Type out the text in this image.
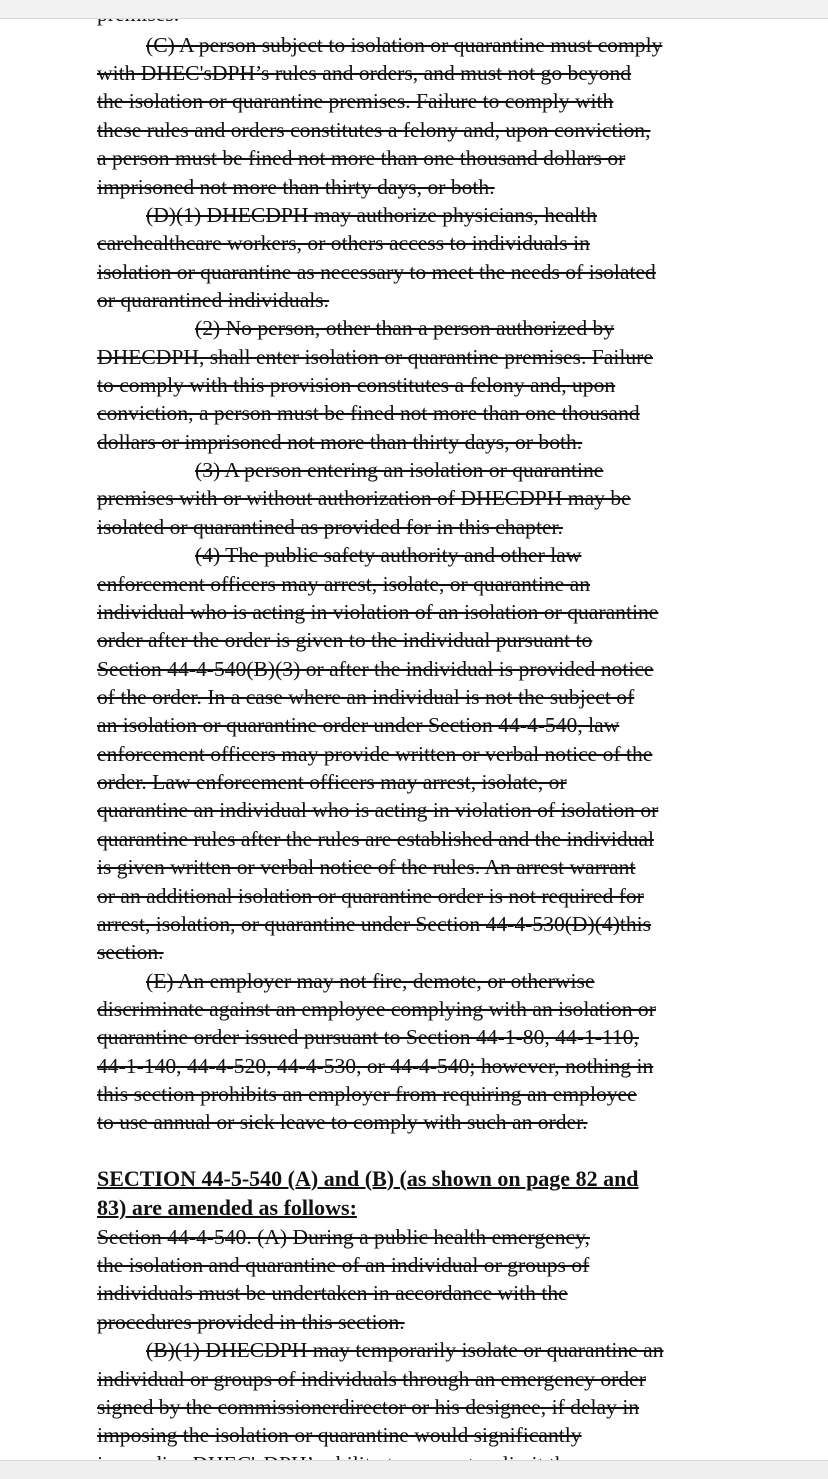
(C) A person subject to isolation or quarantine must comply
with DHEC'sDPH’s rules and orders, and must not go beyond
the isolation or quarantine premises. Failure to comply with
these rules and orders constitutes a felony and, upon conviction,
a person must be fined not more than one thousand dollars or
imprisoned not more than thirty days, or both.
(D)(1) DHECDPH may authorize physicians, health
carehealthcare workers, or others access to individuals in
isolation or quarantine as necessary to meet the needs of isolated
or quarantined individuals.
(2) No person, other than a person authorized by
DHECDPH, shall enter isolation or quarantine premises. Failure
to comply with this provision constitutes a felony and, upon
conviction, a person must be fined not more than one thousand
dollars or imprisoned not more than thirty days, or both.
(3) A person entering an isolation or quarantine
premises with or without authorization of DHECDPH may be
isolated or quarantined as provided for in this chapter.
(4) The public safety authority and other law
enforcement officers may arrest, isolate, or quarantine an
individual who is acting in violation of an isolation or quarantine
order after the order is given to the individual pursuant to
Section 44-4-540(B)(3) or after the individual is provided notice
of the order. In a case where an individual is not the subject of
an isolation or quarantine order under Section 44-4-540, law
enforcement officers may provide written or verbal notice of the
order. Law enforcement officers may arrest, isolate, or
quarantine an individual who is acting in violation of isolation or
quarantine rules after the rules are established and the individual
is given written or verbal notice of the rules. An arrest warrant
or an additional isolation or quarantine order is not required for
arrest, isolation, or quarantine under Section 44-4-530(D)(4)this
section.
(E) An employer may not fire, demote, or otherwise
discriminate against an employee complying with an isolation or
quarantine order issued pursuant to Section 44-1-80, 44-1-110,
44-1-140, 44-4-520, 44-4-530, or 44-4-540; however, nothing in
this section prohibits an employer from requiring an employee
to use annual or sick leave to comply with such an order.
SECTION 44-5-540 (A) and (B) (as shown on page 82 and
83) are amended as follows:
Section 44-4-540. (A) During a public health emergency,
the isolation and quarantine of an individual or groups of
individuals must be undertaken in accordance with the
procedures provided in this section.
(B)(1) DHECDPH may temporarily isolate or quarantine an
individual or groups of individuals through an emergency order
signed by the commissionerdirector or his designee, if delay in
imposing the isolation or quarantine would significantly
